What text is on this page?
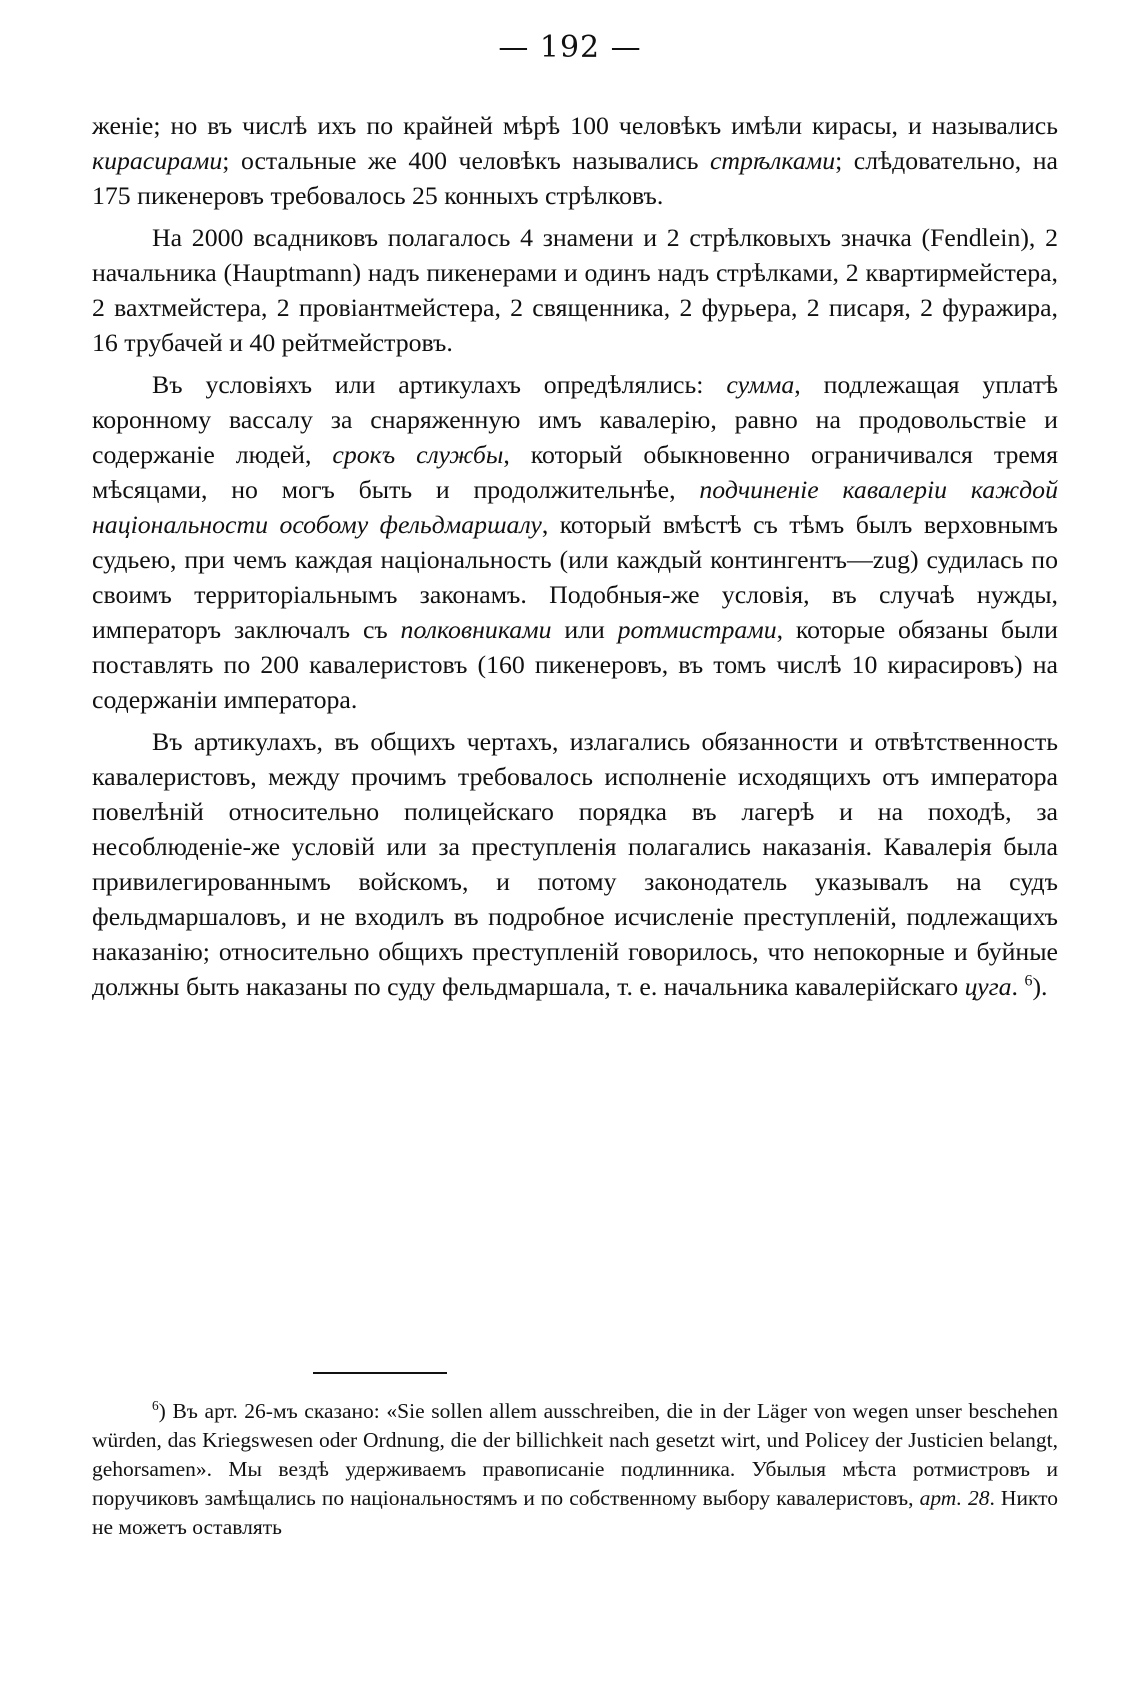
— 192 —

женіе; но въ числѣ ихъ по крайней мѣрѣ 100 человѣкъ имѣли кирасы, и назывались кирасирами; остальные же 400 человѣкъ назывались стрѣлками; слѣдовательно, на 175 пикенеровъ требовалось 25 конныхъ стрѣлковъ.

На 2000 всадниковъ полагалось 4 знамени и 2 стрѣлковыхъ значка (Fendlein), 2 начальника (Hauptmann) надъ пикенерами и одинъ надъ стрѣлками, 2 квартирмейстера, 2 вахтмейстера, 2 провіантмейстера, 2 священника, 2 фурьера, 2 писаря, 2 фуражира, 16 трубачей и 40 рейтмейстровъ.

Въ условіяхъ или артикулахъ опредѣлялись: сумма, подлежащая уплатѣ коронному вассалу за снаряженную имъ кавалерію, равно на продовольствіе и содержаніе людей, срокъ службы, который обыкновенно ограничивался тремя мѣсяцами, но могъ быть и продолжительнѣе, подчиненіе кавалеріи каждой національности особому фельдмаршалу, который вмѣстѣ съ тѣмъ былъ верховнымъ судьею, при чемъ каждая національность (или каждый контингентъ—zug) судилась по своимъ территоріальнымъ законамъ. Подобныя-же условія, въ случаѣ нужды, императоръ заключалъ съ полковниками или ротмистрами, которые обязаны были поставлять по 200 кавалеристовъ (160 пикенеровъ, въ томъ числѣ 10 кирасировъ) на содержаніи императора.

Въ артикулахъ, въ общихъ чертахъ, излагались обязанности и отвѣтственность кавалеристовъ, между прочимъ требовалось исполненіе исходящихъ отъ императора повелѣній относительно полицейскаго порядка въ лагерѣ и на походѣ, за несоблюденіе-же условій или за преступленія полагались наказанія. Кавалерія была привилегированнымъ войскомъ, и потому законодатель указывалъ на судъ фельдмаршаловъ, и не входилъ въ подробное исчисленіе преступленій, подлежащихъ наказанію; относительно общихъ преступленій говорилось, что непокорные и буйные должны быть наказаны по суду фельдмаршала, т. е. начальника кавалерійскаго цуга. $^6$).

$^6$) Въ арт. 26-мъ сказано: «Sie sollen allem ausschreiben, die in der Läger von wegen unser beschehen würden, das Kriegswesen oder Ordnung, die der billichkeit nach gesetzt wirt, und Policey der Justicien belangt, gehorsamen». Мы вездѣ удерживаемъ правописаніе подлинника. Убылыя мѣста ротмистровъ и поручиковъ замѣщались по національностямъ и по собственному выбору кавалеристовъ, арт. 28. Никто не можетъ оставлять
